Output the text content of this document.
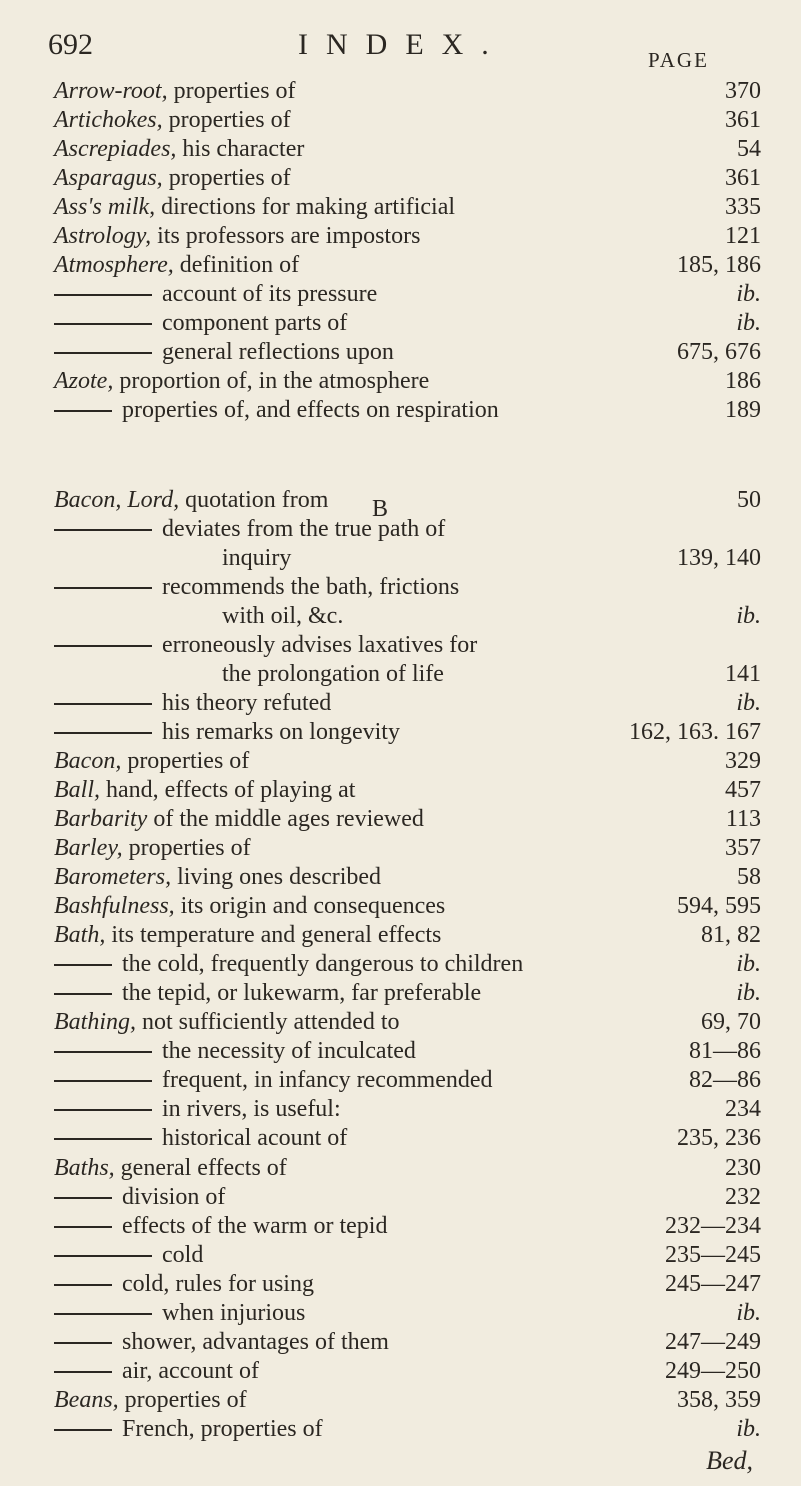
692	INDEX.	PAGE
Arrow-root, properties of	370
Artichokes, properties of	361
Ascrepiades, his character	54
Asparagus, properties of	361
Ass's milk, directions for making artificial	335
Astrology, its professors are impostors	121
Atmosphere, definition of	185, 186
account of its pressure	ib.
component parts of	ib.
general reflections upon	675, 676
Azote, proportion of, in the atmosphere	186
properties of, and effects on respiration	189
Bacon, Lord, quotation from	50
deviates from the true path of
inquiry	139, 140
recommends the bath, frictions
with oil, &c.	ib.
erroneously advises laxatives for
the prolongation of life	141
his theory refuted	ib.
his remarks on longevity	162, 163. 167
Bacon, properties of	329
Ball, hand, effects of playing at	457
Barbarity of the middle ages reviewed	113
Barley, properties of	357
Barometers, living ones described	58
Bashfulness, its origin and consequences	594, 595
Bath, its temperature and general effects	81, 82
the cold, frequently dangerous to children	ib.
the tepid, or lukewarm, far preferable	ib.
Bathing, not sufficiently attended to	69, 70
the necessity of inculcated	81—86
frequent, in infancy recommended	82—86
in rivers, is useful:	234
historical acount of	235, 236
Baths, general effects of	230
division of	232
effects of the warm or tepid	232—234
cold	235—245
cold, rules for using	245—247
when injurious	ib.
shower, advantages of them	247—249
air, account of	249—250
Beans, properties of	358, 359
French, properties of	ib.
B
Bed,
